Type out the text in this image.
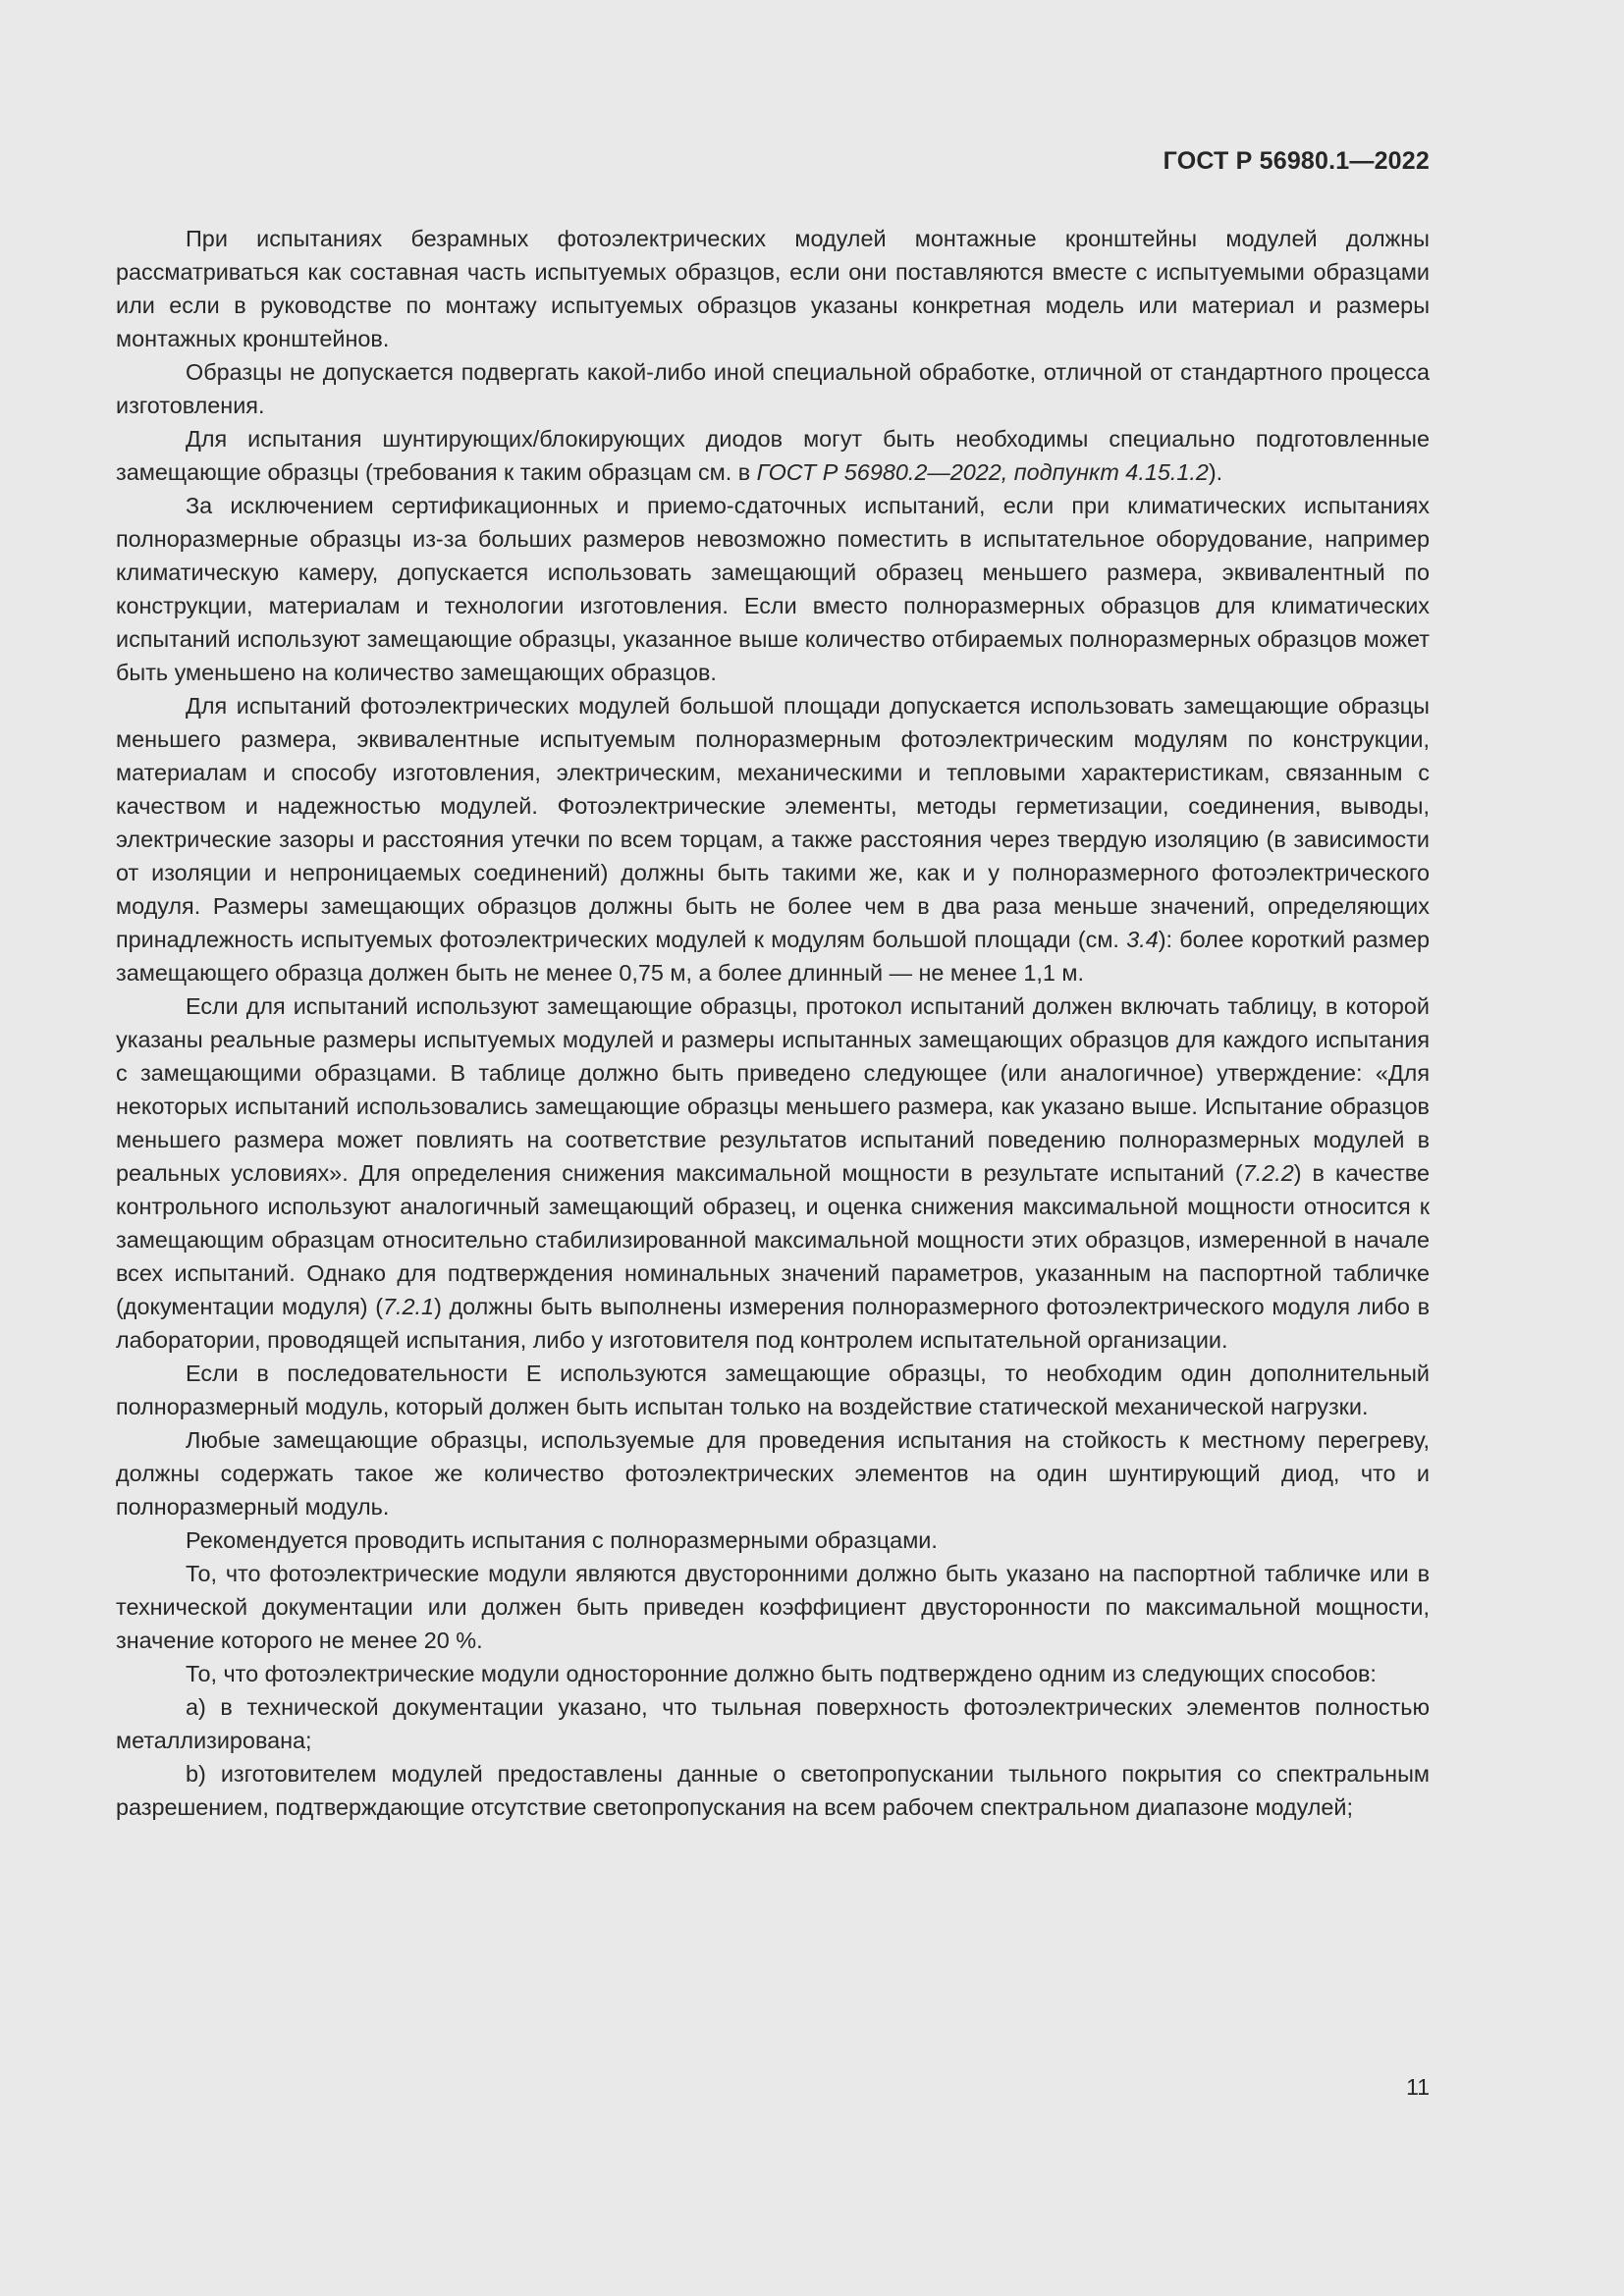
ГОСТ Р 56980.1—2022

При испытаниях безрамных фотоэлектрических модулей монтажные кронштейны модулей должны рассматриваться как составная часть испытуемых образцов, если они поставляются вместе с испытуемыми образцами или если в руководстве по монтажу испытуемых образцов указаны конкретная модель или материал и размеры монтажных кронштейнов.

Образцы не допускается подвергать какой-либо иной специальной обработке, отличной от стандартного процесса изготовления.

Для испытания шунтирующих/блокирующих диодов могут быть необходимы специально подготовленные замещающие образцы (требования к таким образцам см. в ГОСТ Р 56980.2—2022, подпункт 4.15.1.2).

За исключением сертификационных и приемо-сдаточных испытаний, если при климатических испытаниях полноразмерные образцы из-за больших размеров невозможно поместить в испытательное оборудование, например климатическую камеру, допускается использовать замещающий образец меньшего размера, эквивалентный по конструкции, материалам и технологии изготовления. Если вместо полноразмерных образцов для климатических испытаний используют замещающие образцы, указанное выше количество отбираемых полноразмерных образцов может быть уменьшено на количество замещающих образцов.

Для испытаний фотоэлектрических модулей большой площади допускается использовать замещающие образцы меньшего размера, эквивалентные испытуемым полноразмерным фотоэлектрическим модулям по конструкции, материалам и способу изготовления, электрическим, механическими и тепловыми характеристикам, связанным с качеством и надежностью модулей. Фотоэлектрические элементы, методы герметизации, соединения, выводы, электрические зазоры и расстояния утечки по всем торцам, а также расстояния через твердую изоляцию (в зависимости от изоляции и непроницаемых соединений) должны быть такими же, как и у полноразмерного фотоэлектрического модуля. Размеры замещающих образцов должны быть не более чем в два раза меньше значений, определяющих принадлежность испытуемых фотоэлектрических модулей к модулям большой площади (см. 3.4): более короткий размер замещающего образца должен быть не менее 0,75 м, а более длинный — не менее 1,1 м.

Если для испытаний используют замещающие образцы, протокол испытаний должен включать таблицу, в которой указаны реальные размеры испытуемых модулей и размеры испытанных замещающих образцов для каждого испытания с замещающими образцами. В таблице должно быть приведено следующее (или аналогичное) утверждение: «Для некоторых испытаний использовались замещающие образцы меньшего размера, как указано выше. Испытание образцов меньшего размера может повлиять на соответствие результатов испытаний поведению полноразмерных модулей в реальных условиях». Для определения снижения максимальной мощности в результате испытаний (7.2.2) в качестве контрольного используют аналогичный замещающий образец, и оценка снижения максимальной мощности относится к замещающим образцам относительно стабилизированной максимальной мощности этих образцов, измеренной в начале всех испытаний. Однако для подтверждения номинальных значений параметров, указанным на паспортной табличке (документации модуля) (7.2.1) должны быть выполнены измерения полноразмерного фотоэлектрического модуля либо в лаборатории, проводящей испытания, либо у изготовителя под контролем испытательной организации.

Если в последовательности E используются замещающие образцы, то необходим один дополнительный полноразмерный модуль, который должен быть испытан только на воздействие статической механической нагрузки.

Любые замещающие образцы, используемые для проведения испытания на стойкость к местному перегреву, должны содержать такое же количество фотоэлектрических элементов на один шунтирующий диод, что и полноразмерный модуль.

Рекомендуется проводить испытания с полноразмерными образцами.

То, что фотоэлектрические модули являются двусторонними должно быть указано на паспортной табличке или в технической документации или должен быть приведен коэффициент двусторонности по максимальной мощности, значение которого не менее 20 %.

То, что фотоэлектрические модули односторонние должно быть подтверждено одним из следующих способов:

а) в технической документации указано, что тыльная поверхность фотоэлектрических элементов полностью металлизирована;

b) изготовителем модулей предоставлены данные о светопропускании тыльного покрытия со спектральным разрешением, подтверждающие отсутствие светопропускания на всем рабочем спектральном диапазоне модулей;

11
